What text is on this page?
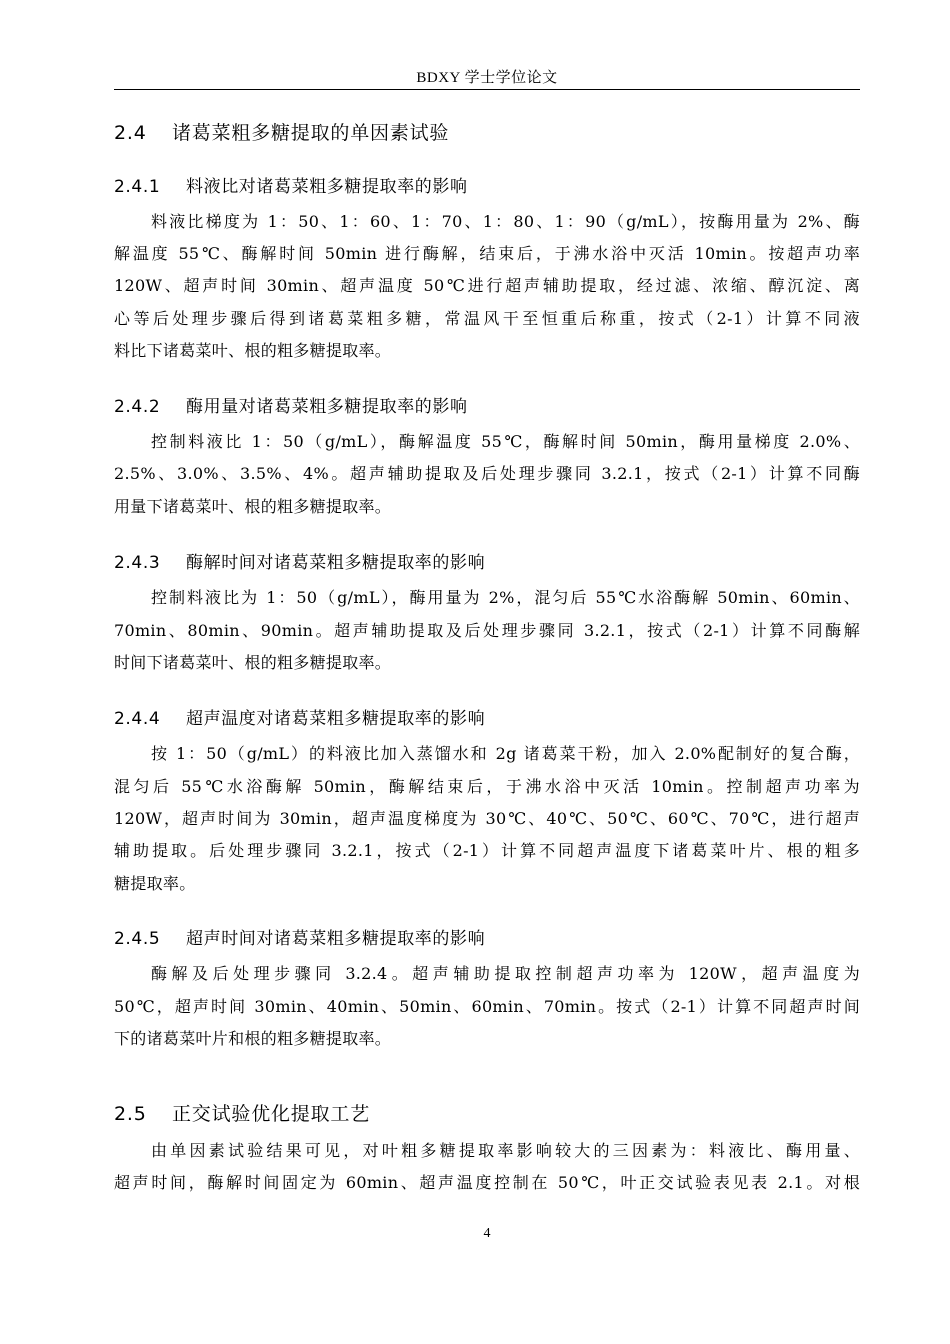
BDXY 学士学位论文
2.4 诸葛菜粗多糖提取的单因素试验
2.4.1 料液比对诸葛菜粗多糖提取率的影响
料液比梯度为 1：50、1：60、1：70、1：80、1：90（g/mL），按酶用量为 2%、酶
解温度 55℃、酶解时间 50min 进行酶解，结束后，于沸水浴中灭活 10min。按超声功率
120W、超声时间 30min、超声温度 50℃进行超声辅助提取，经过滤、浓缩、醇沉淀、离
心等后处理步骤后得到诸葛菜粗多糖，常温风干至恒重后称重，按式（2-1）计算不同液
料比下诸葛菜叶、根的粗多糖提取率。
2.4.2 酶用量对诸葛菜粗多糖提取率的影响
控制料液比 1：50（g/mL），酶解温度 55℃，酶解时间 50min，酶用量梯度 2.0%、
2.5%、3.0%、3.5%、4%。超声辅助提取及后处理步骤同 3.2.1，按式（2-1）计算不同酶
用量下诸葛菜叶、根的粗多糖提取率。
2.4.3 酶解时间对诸葛菜粗多糖提取率的影响
控制料液比为 1：50（g/mL），酶用量为 2%，混匀后 55℃水浴酶解 50min、60min、
70min、80min、90min。超声辅助提取及后处理步骤同 3.2.1，按式（2-1）计算不同酶解
时间下诸葛菜叶、根的粗多糖提取率。
2.4.4 超声温度对诸葛菜粗多糖提取率的影响
按 1：50（g/mL）的料液比加入蒸馏水和 2g 诸葛菜干粉，加入 2.0%配制好的复合酶，
混匀后 55℃水浴酶解 50min，酶解结束后，于沸水浴中灭活 10min。控制超声功率为
120W，超声时间为 30min，超声温度梯度为 30℃、40℃、50℃、60℃、70℃，进行超声
辅助提取。后处理步骤同 3.2.1，按式（2-1）计算不同超声温度下诸葛菜叶片、根的粗多
糖提取率。
2.4.5 超声时间对诸葛菜粗多糖提取率的影响
酶解及后处理步骤同 3.2.4。超声辅助提取控制超声功率为 120W，超声温度为
50℃，超声时间 30min、40min、50min、60min、70min。按式（2-1）计算不同超声时间
下的诸葛菜叶片和根的粗多糖提取率。
2.5 正交试验优化提取工艺
由单因素试验结果可见，对叶粗多糖提取率影响较大的三因素为：料液比、酶用量、
超声时间，酶解时间固定为 60min、超声温度控制在 50℃，叶正交试验表见表 2.1。对根
4
